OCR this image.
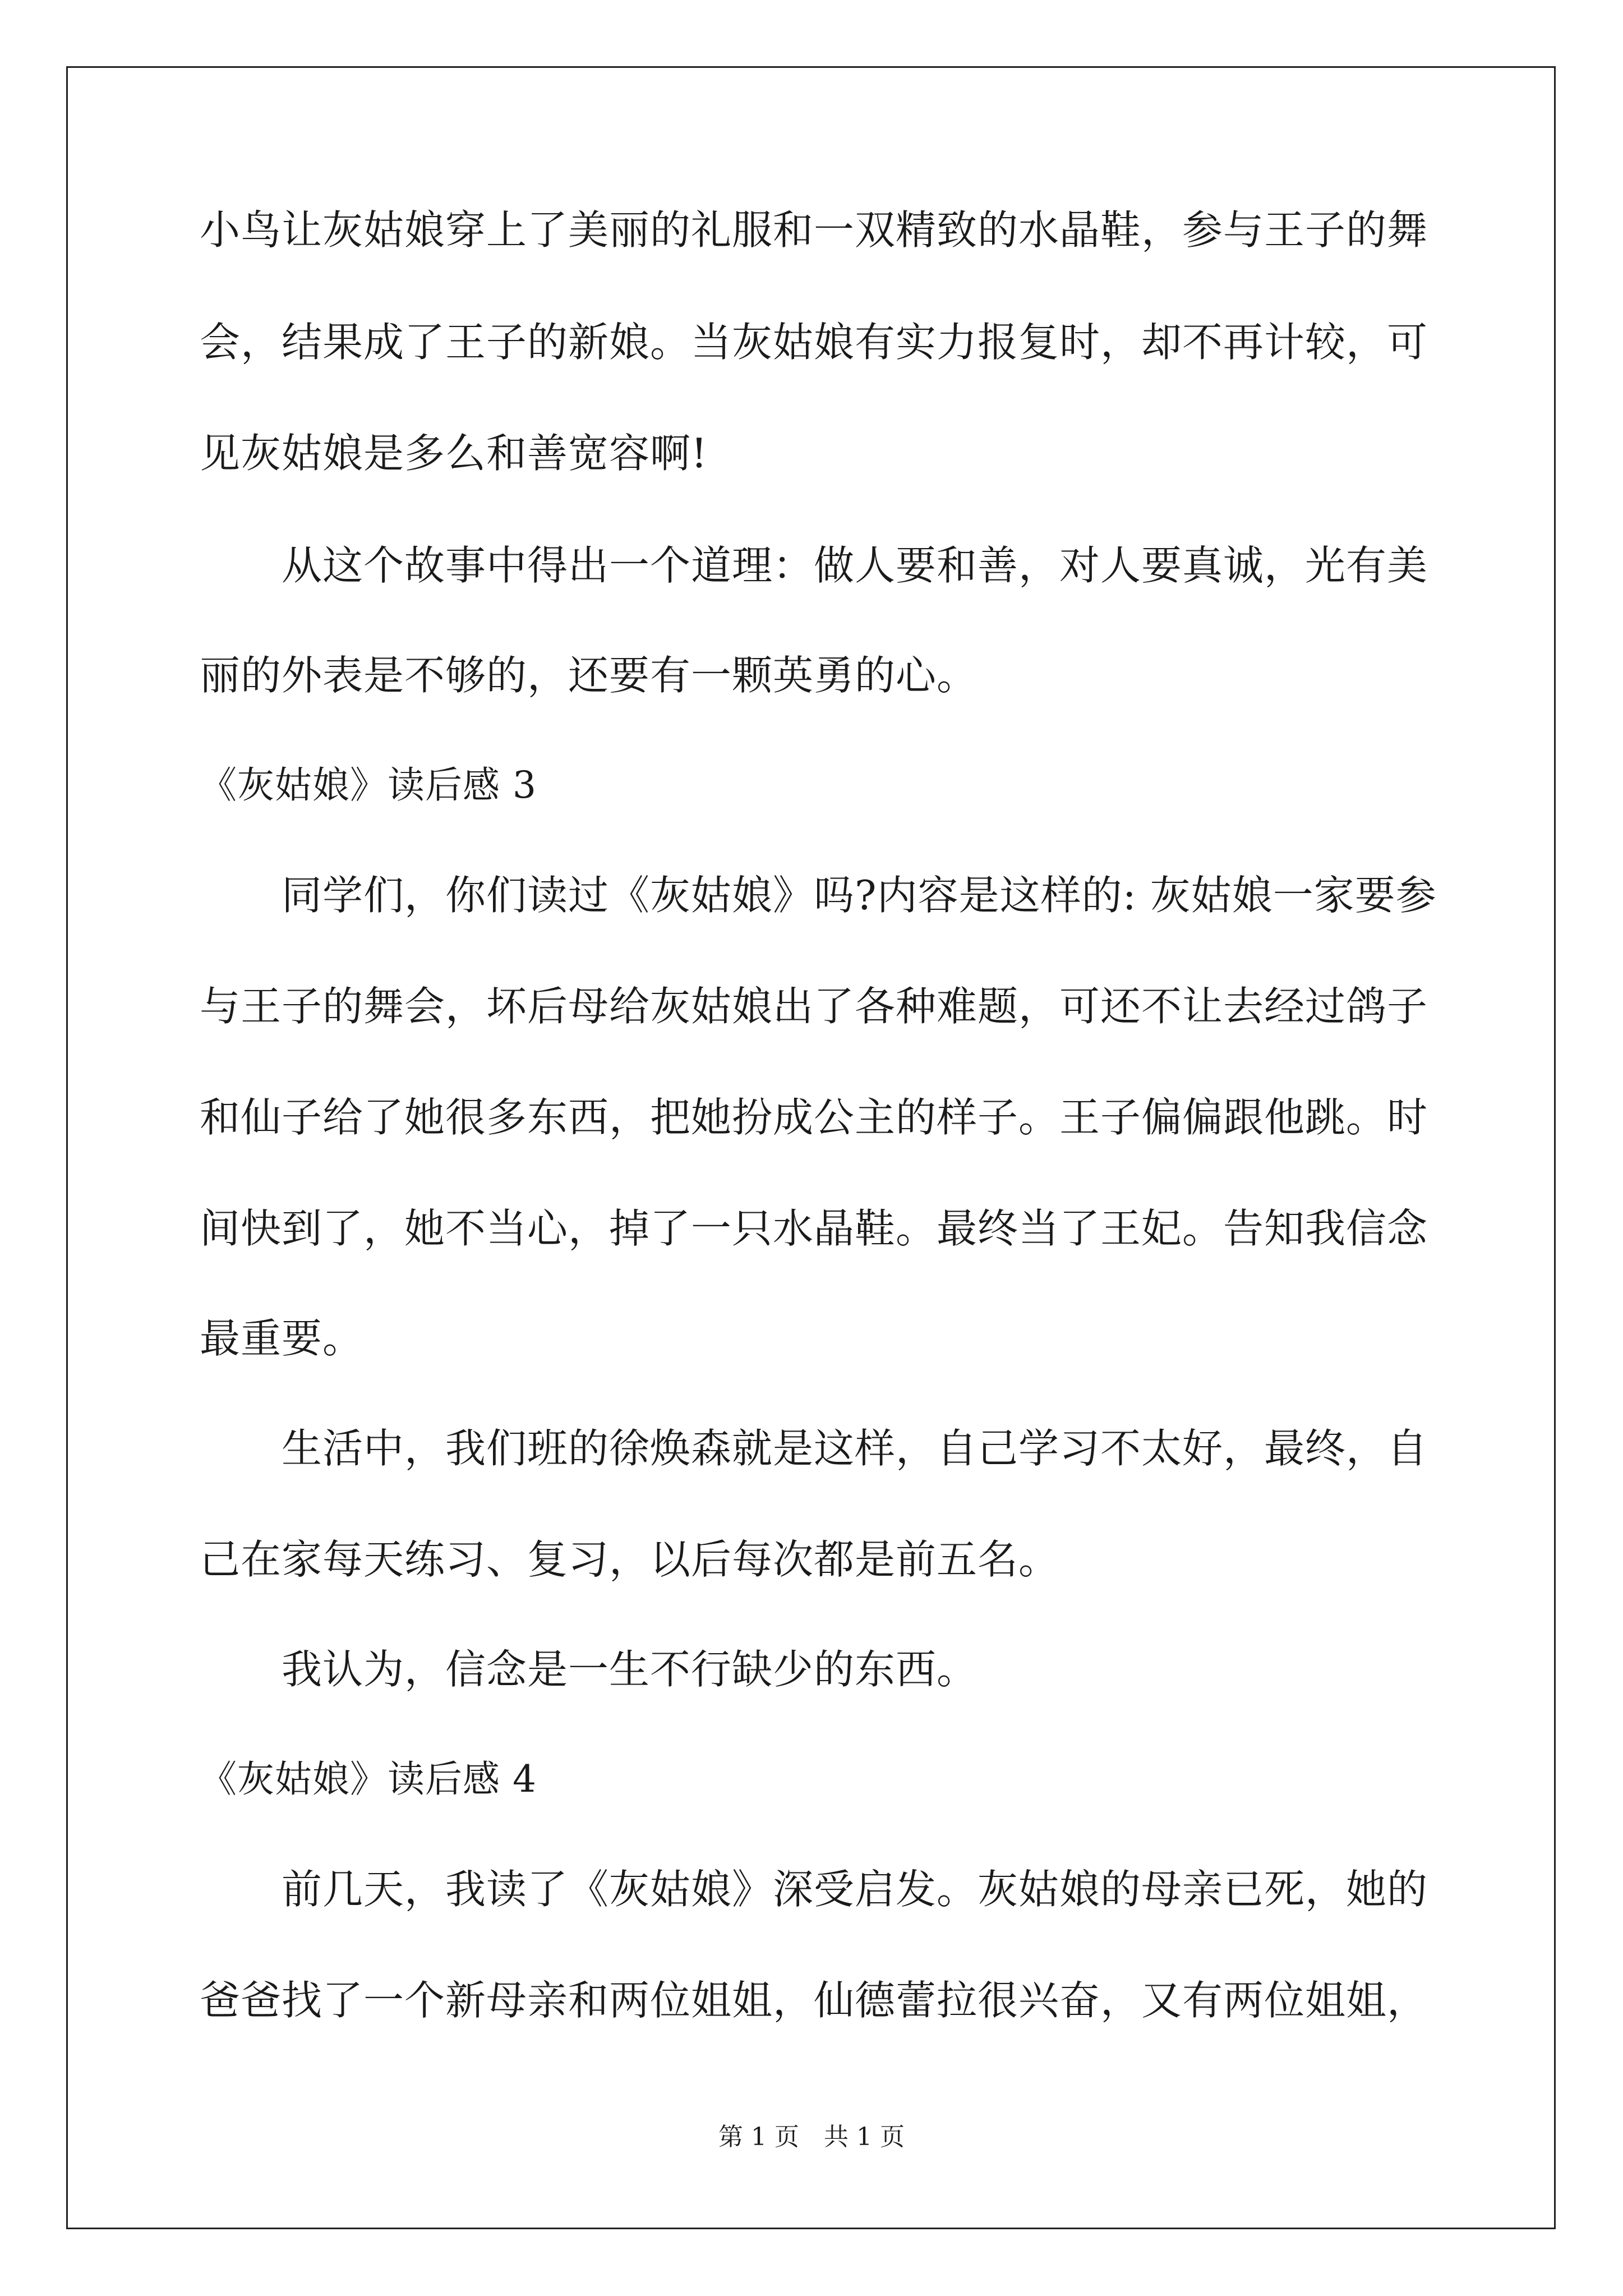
小鸟让灰姑娘穿上了美丽的礼服和一双精致的水晶鞋，参与王子的舞

会，结果成了王子的新娘。当灰姑娘有实力报复时，却不再计较，可

见灰姑娘是多么和善宽容啊!

　　从这个故事中得出一个道理：做人要和善，对人要真诚，光有美

丽的外表是不够的，还要有一颗英勇的心。

《灰姑娘》读后感 3

　　同学们，你们读过《灰姑娘》吗?内容是这样的: 灰姑娘一家要参

与王子的舞会，坏后母给灰姑娘出了各种难题，可还不让去经过鸽子

和仙子给了她很多东西，把她扮成公主的样子。王子偏偏跟他跳。时

间快到了，她不当心，掉了一只水晶鞋。最终当了王妃。告知我信念

最重要。

　　生活中，我们班的徐焕森就是这样，自己学习不太好，最终，自

己在家每天练习、复习，以后每次都是前五名。

　　我认为，信念是一生不行缺少的东西。

《灰姑娘》读后感 4

　　前几天，我读了《灰姑娘》深受启发。灰姑娘的母亲已死，她的

爸爸找了一个新母亲和两位姐姐，仙德蕾拉很兴奋，又有两位姐姐，

第 1 页　共 1 页
